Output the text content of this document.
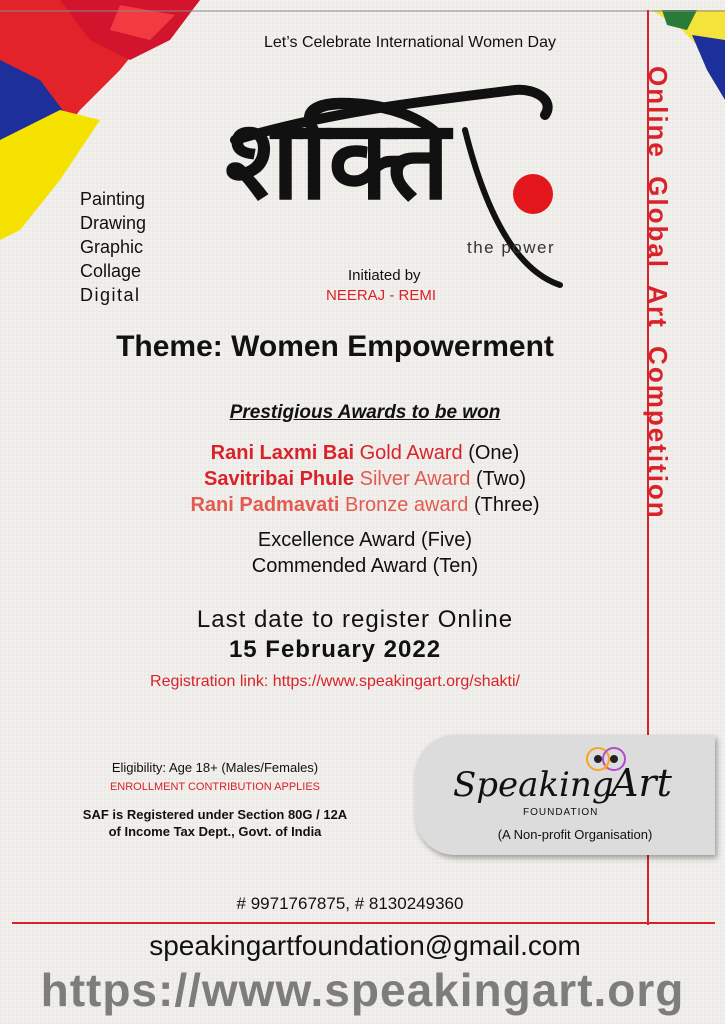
Let’s Celebrate International Women Day
शक्ति
the power
Initiated by
NEERAJ - REMI
Painting
Drawing
Graphic
Collage
Digital
Theme: Women Empowerment
Prestigious Awards to be won
Rani Laxmi Bai Gold Award (One)
Savitribai Phule Silver Award (Two)
Rani Padmavati Bronze award (Three)
Excellence Award (Five)
Commended Award (Ten)
Last date to register Online
15 February 2022
Registration link: https://www.speakingart.org/shakti/
Eligibility: Age 18+ (Males/Females)
ENROLLMENT CONTRIBUTION APPLIES
SAF is Registered under Section 80G / 12A
of Income Tax Dept., Govt. of India
Speaking
Art
FOUNDATION
(A Non-profit Organisation)
Online Global Art Competition
# 9971767875, # 8130249360
speakingartfoundation@gmail.com
https://www.speakingart.org
